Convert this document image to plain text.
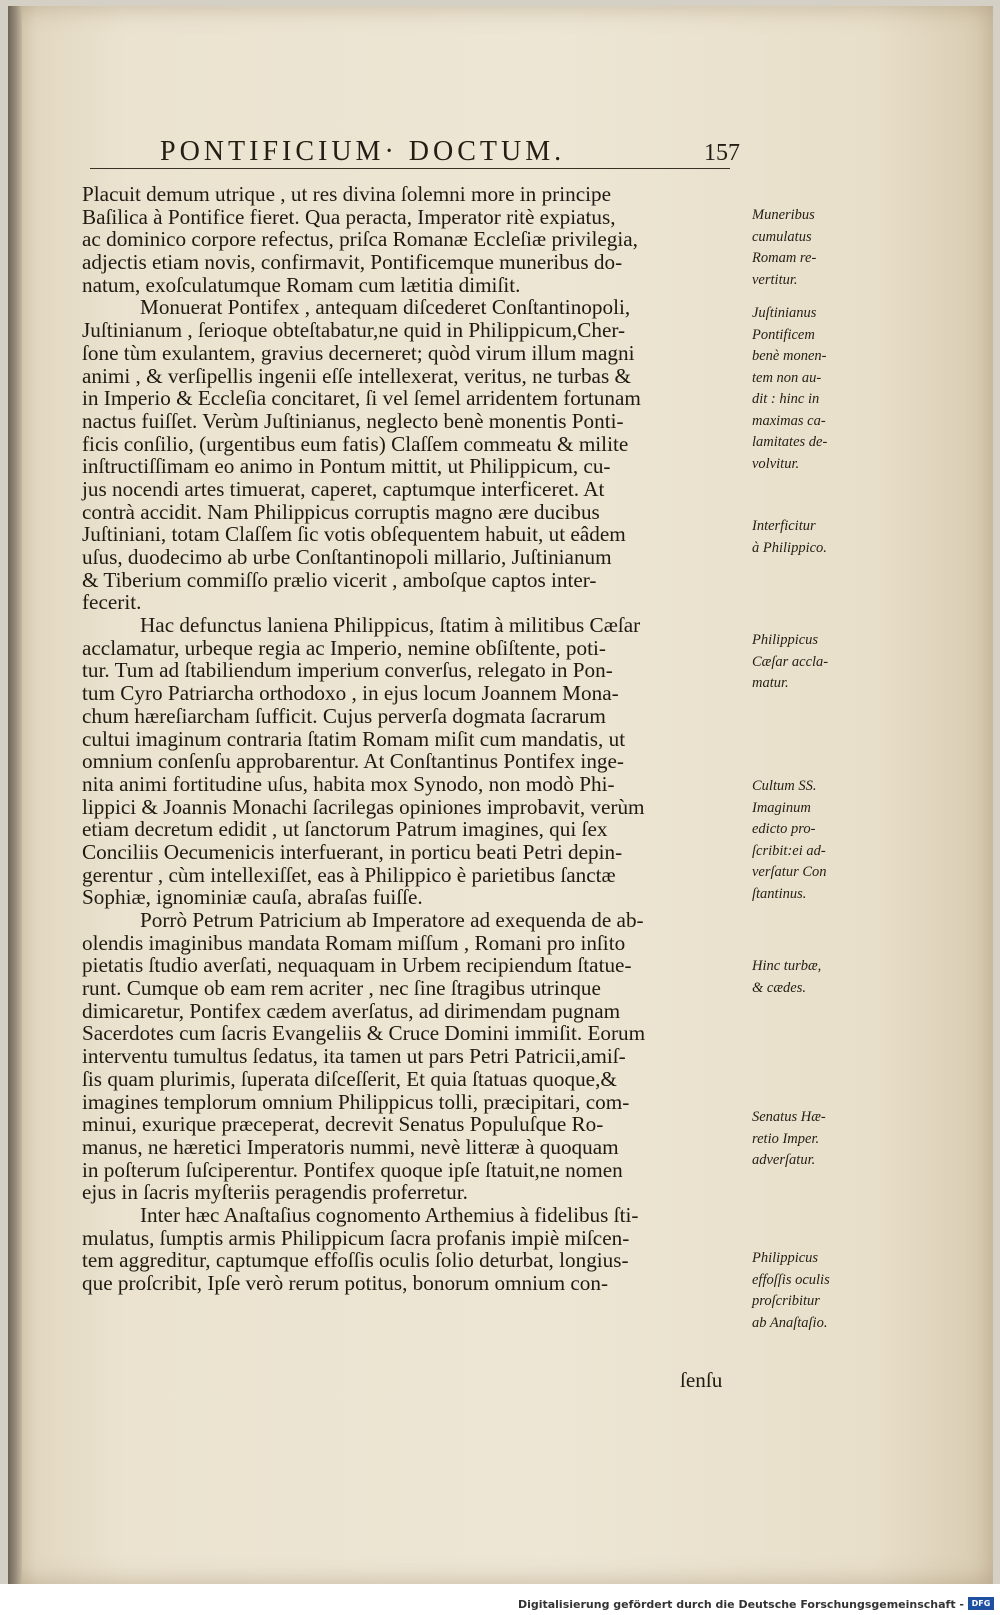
PONTIFICIUM· DOCTUM.	157
Placuit demum utrique , ut res divina ſolemni more in principe
Baſilica à Pontifice fieret. Qua peracta, Imperator ritè expiatus,
ac dominico corpore refectus, priſca Romanæ Eccleſiæ privilegia,
adjectis etiam novis, confirmavit, Pontificemque muneribus do-
natum, exoſculatumque Romam cum lætitia dimiſit.
Monuerat Pontifex , antequam diſcederet Conſtantinopoli,
Juſtinianum , ſerioque obteſtabatur,ne quid in Philippicum,Cher-
ſone tùm exulantem, gravius decerneret; quòd virum illum magni
animi , & verſipellis ingenii eſſe intellexerat, veritus, ne turbas &
in Imperio & Eccleſia concitaret, ſi vel ſemel arridentem fortunam
nactus fuiſſet. Verùm Juſtinianus, neglecto benè monentis Ponti-
ficis conſilio, (urgentibus eum fatis) Claſſem commeatu & milite
inſtructiſſimam eo animo in Pontum mittit, ut Philippicum, cu-
jus nocendi artes timuerat, caperet, captumque interficeret. At
contrà accidit. Nam Philippicus corruptis magno ære ducibus
Juſtiniani, totam Claſſem ſic votis obſequentem habuit, ut eâdem
uſus, duodecimo ab urbe Conſtantinopoli millario, Juſtinianum
& Tiberium commiſſo prælio vicerit , amboſque captos inter-
fecerit.
Hac defunctus laniena Philippicus, ſtatim à militibus Cæſar
acclamatur, urbeque regia ac Imperio, nemine obſiſtente, poti-
tur. Tum ad ſtabiliendum imperium converſus, relegato in Pon-
tum Cyro Patriarcha orthodoxo , in ejus locum Joannem Mona-
chum hæreſiarcham ſufficit. Cujus perverſa dogmata ſacrarum
cultui imaginum contraria ſtatim Romam miſit cum mandatis, ut
omnium conſenſu approbarentur. At Conſtantinus Pontifex inge-
nita animi fortitudine uſus, habita mox Synodo, non modò Phi-
lippici & Joannis Monachi ſacrilegas opiniones improbavit, verùm
etiam decretum edidit , ut ſanctorum Patrum imagines, qui ſex
Conciliis Oecumenicis interfuerant, in porticu beati Petri depin-
gerentur , cùm intellexiſſet, eas à Philippico è parietibus ſanctæ
Sophiæ, ignominiæ cauſa, abraſas fuiſſe.
Porrò Petrum Patricium ab Imperatore ad exequenda de ab-
olendis imaginibus mandata Romam miſſum , Romani pro inſito
pietatis ſtudio averſati, nequaquam in Urbem recipiendum ſtatue-
runt. Cumque ob eam rem acriter , nec ſine ſtragibus utrinque
dimicaretur, Pontifex cædem averſatus, ad dirimendam pugnam
Sacerdotes cum ſacris Evangeliis & Cruce Domini immiſit. Eorum
interventu tumultus ſedatus, ita tamen ut pars Petri Patricii,amiſ-
ſis quam plurimis, ſuperata diſceſſerit, Et quia ſtatuas quoque,&
imagines templorum omnium Philippicus tolli, præcipitari, com-
minui, exurique præceperat, decrevit Senatus Populuſque Ro-
manus, ne hæretici Imperatoris nummi, nevè litteræ à quoquam
in poſterum ſuſciperentur. Pontifex quoque ipſe ſtatuit,ne nomen
ejus in ſacris myſteriis peragendis proferretur.
Inter hæc Anaſtaſius cognomento Arthemius à fidelibus ſti-
mulatus, ſumptis armis Philippicum ſacra profanis impiè miſcen-
tem aggreditur, captumque effoſſis oculis ſolio deturbat, longius-
que proſcribit, Ipſe verò rerum potitus, bonorum omnium con-
Muneribus
cumulatus
Romam re-
vertitur.
Juſtinianus
Pontificem
benè monen-
tem non au-
dit : hinc in
maximas ca-
lamitates de-
volvitur.
Interficitur
à Philippico.
Philippicus
Cæſar accla-
matur.
Cultum SS.
Imaginum
edicto pro-
ſcribit:ei ad-
verſatur Con
ſtantinus.
Hinc turbæ,
& cædes.
Senatus Hæ-
retio Imper.
adverſatur.
Philippicus
effoſſis oculis
proſcribitur
ab Anaſtaſio.
ſenſu
Digitalisierung gefördert durch die Deutsche Forschungsgemeinschaft - DFG
